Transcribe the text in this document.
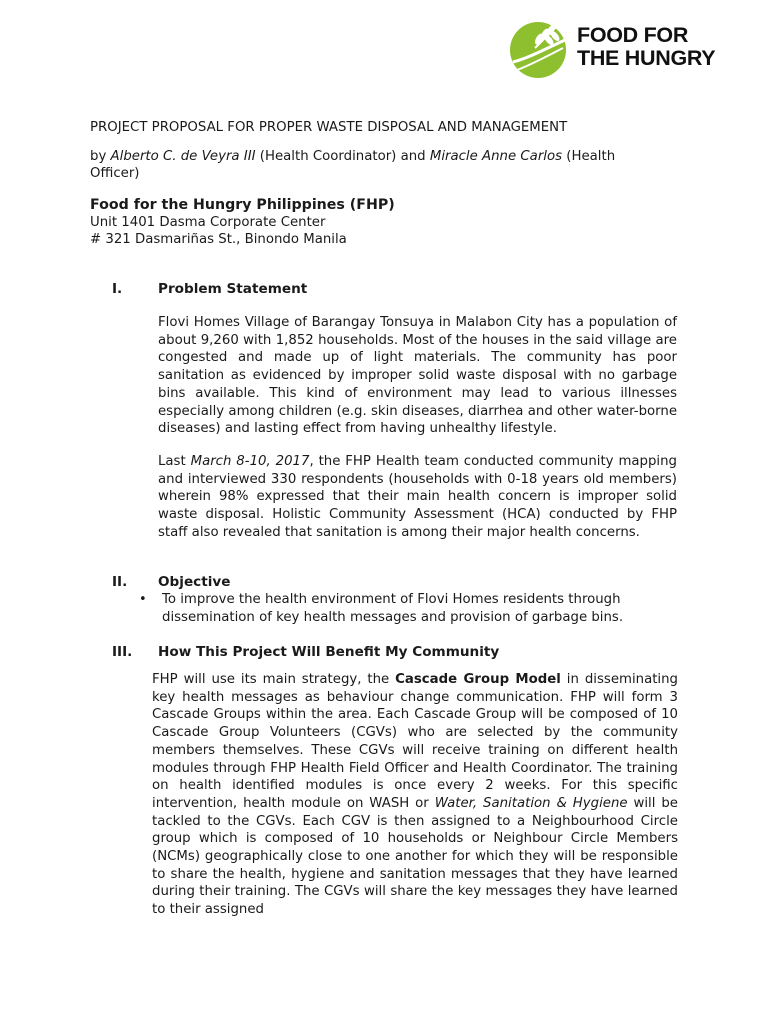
FOOD FOR
THE HUNGRY
PROJECT PROPOSAL FOR PROPER WASTE DISPOSAL AND MANAGEMENT
by Alberto C. de Veyra III (Health Coordinator) and Miracle Anne Carlos (Health Officer)
Food for the Hungry Philippines (FHP)
Unit 1401 Dasma Corporate Center
# 321 Dasmariñas St., Binondo Manila
I.	Problem Statement

Flovi Homes Village of Barangay Tonsuya in Malabon City has a population of about 9,260 with 1,852 households. Most of the houses in the said village are congested and made up of light materials. The community has poor sanitation as evidenced by improper solid waste disposal with no garbage bins available. This kind of environment may lead to various illnesses especially among children (e.g. skin diseases, diarrhea and other water-borne diseases) and lasting effect from having unhealthy lifestyle.

Last March 8-10, 2017, the FHP Health team conducted community mapping and interviewed 330 respondents (households with 0-18 years old members) wherein 98% expressed that their main health concern is improper solid waste disposal. Holistic Community Assessment (HCA) conducted by FHP staff also revealed that sanitation is among their major health concerns.

II. Objective
• To improve the health environment of Flovi Homes residents through dissemination of key health messages and provision of garbage bins.
III. How This Project Will Benefit My Community

FHP will use its main strategy, the Cascade Group Model in disseminating key health messages as behaviour change communication. FHP will form 3 Cascade Groups within the area. Each Cascade Group will be composed of 10 Cascade Group Volunteers (CGVs) who are selected by the community members themselves. These CGVs will receive training on different health modules through FHP Health Field Officer and Health Coordinator. The training on health identified modules is once every 2 weeks. For this specific intervention, health module on WASH or Water, Sanitation & Hygiene will be tackled to the CGVs. Each CGV is then assigned to a Neighbourhood Circle group which is composed of 10 households or Neighbour Circle Members (NCMs) geographically close to one another for which they will be responsible to share the health, hygiene and sanitation messages that they have learned during their training. The CGVs will share the key messages they have learned to their assigned
